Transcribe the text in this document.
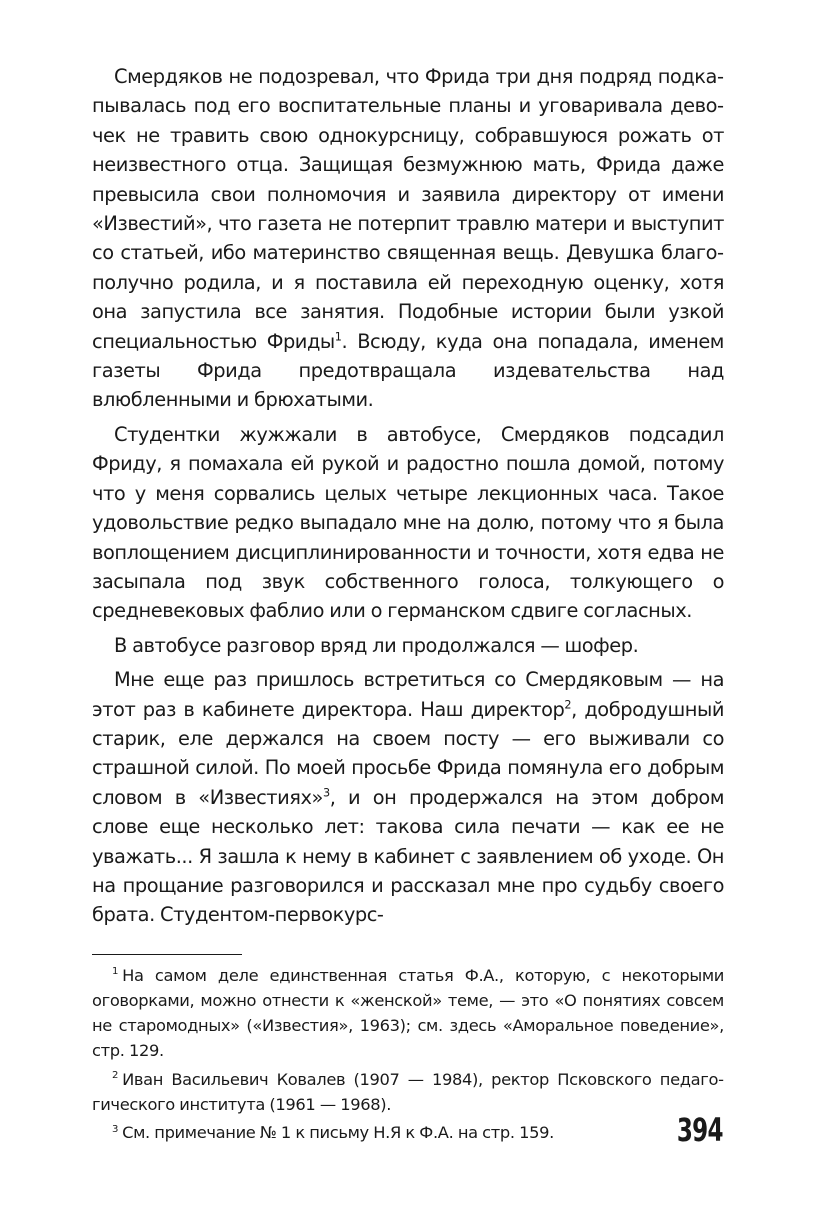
Смердяков не подозревал, что Фрида три дня подряд подкапывалась под его воспитательные планы и уговаривала девочек не травить свою однокурсницу, собравшуюся рожать от неизвестного отца. Защищая безмужнюю мать, Фрида даже превысила свои полномочия и заявила директору от имени «Известий», что газета не потерпит травлю матери и выступит со статьей, ибо материнство священная вещь. Девушка благополучно родила, и я поставила ей переходную оценку, хотя она запустила все занятия. Подобные истории были узкой специальностью Фриды$^1$. Всюду, куда она попадала, именем газеты Фрида предотвращала издевательства над влюбленными и брюхатыми.

Студентки жужжали в автобусе, Смердяков подсадил Фриду, я помахала ей рукой и радостно пошла домой, потому что у меня сорвались целых четыре лекционных часа. Такое удовольствие редко выпадало мне на долю, потому что я была воплощением дисциплинированности и точности, хотя едва не засыпала под звук собственного голоса, толкующего о средневековых фаблио или о германском сдвиге согласных.

В автобусе разговор вряд ли продолжался — шофер.

Мне еще раз пришлось встретиться со Смердяковым — на этот раз в кабинете директора. Наш директор$^2$, добродушный старик, еле держался на своем посту — его выживали со страшной силой. По моей просьбе Фрида помянула его добрым словом в «Известиях»$^3$, и он продержался на этом добром слове еще несколько лет: такова сила печати — как ее не уважать... Я зашла к нему в кабинет с заявлением об уходе. Он на прощание разговорился и рассказал мне про судьбу своего брата. Студентом-первокурс-

$^1$ На самом деле единственная статья Ф.А., которую, с некоторыми оговорками, можно отнести к «женской» теме, — это «О понятиях совсем не старомодных» («Известия», 1963); см. здесь «Аморальное поведение», стр. 129.

$^2$ Иван Васильевич Ковалев (1907 — 1984), ректор Псковского педагогического института (1961 — 1968).

$^3$ См. примечание № 1 к письму Н.Я к Ф.А. на стр. 159.	394
